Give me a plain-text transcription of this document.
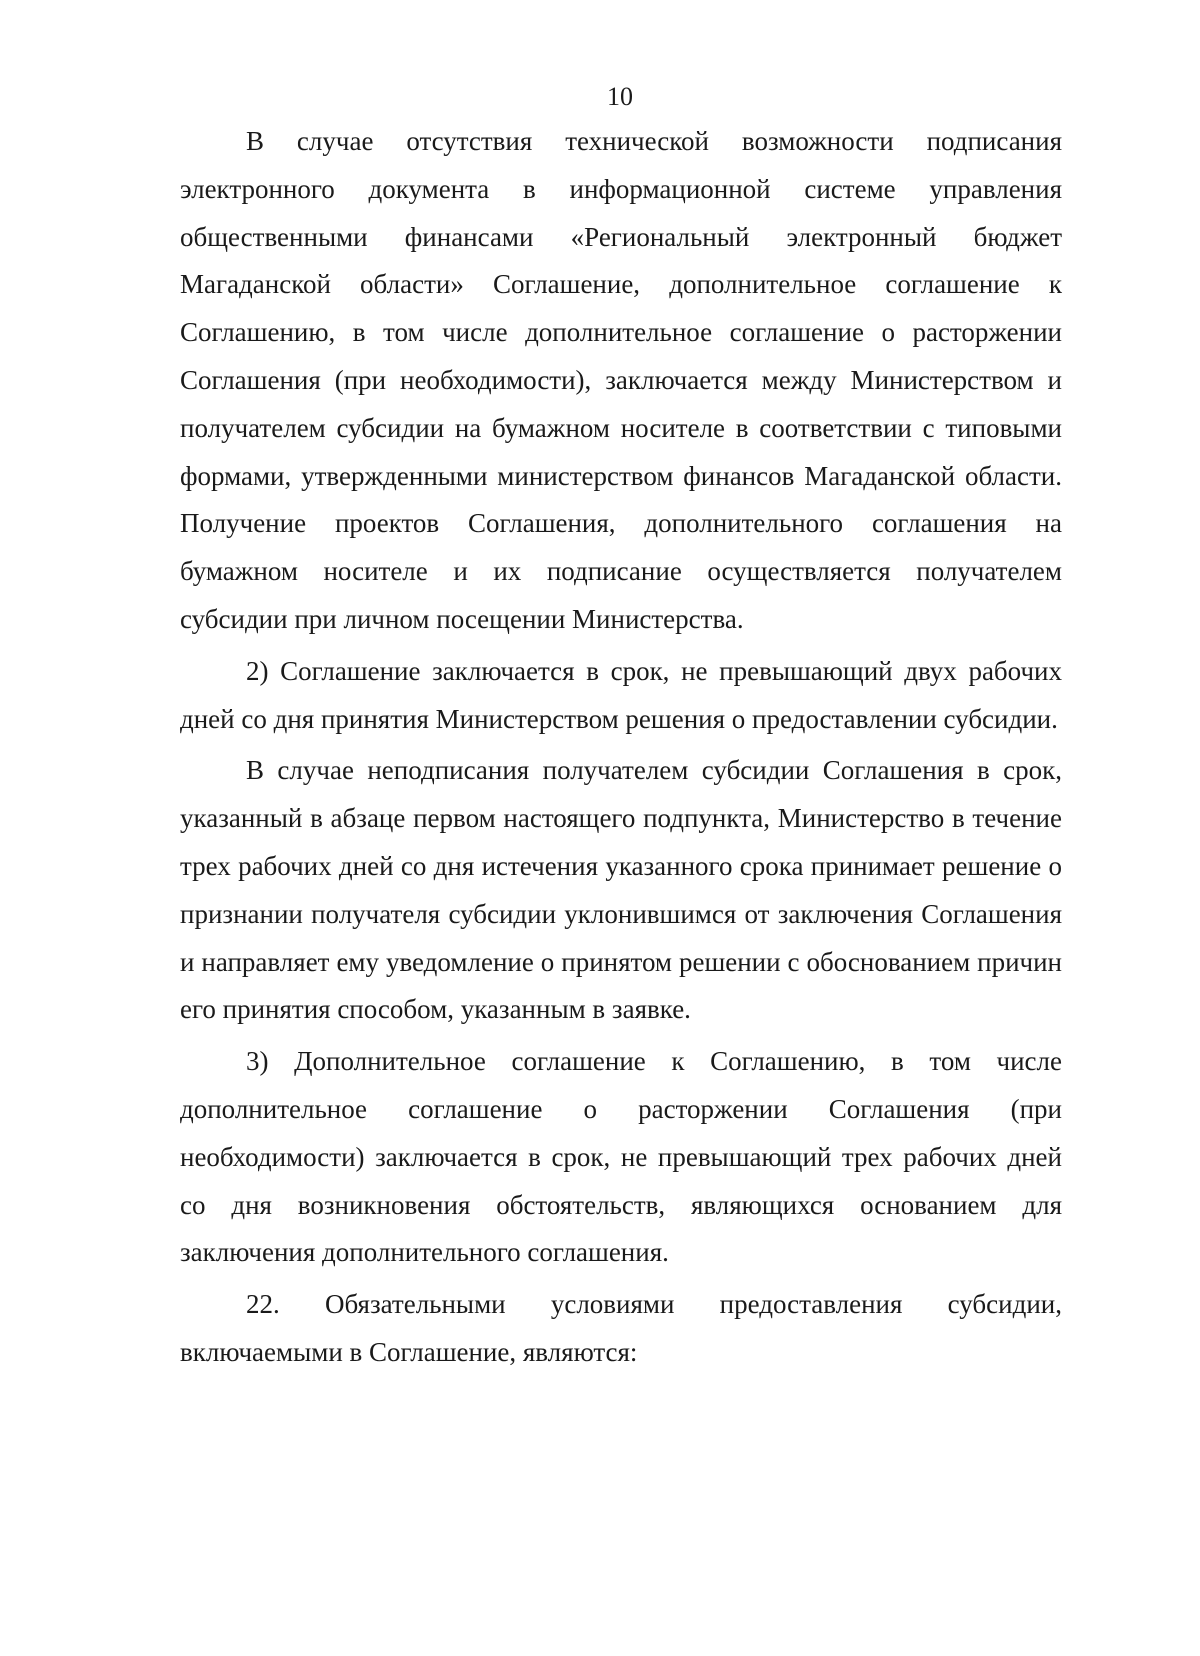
10

В случае отсутствия технической возможности подписания электронного документа в информационной системе управления общественными финансами «Региональный электронный бюджет Магаданской области» Соглашение, дополнительное соглашение к Соглашению, в том числе дополнительное соглашение о расторжении Соглашения (при необходимости), заключается между Министерством и получателем субсидии на бумажном носителе в соответствии с типовыми формами, утвержденными министерством финансов Магаданской области. Получение проектов Соглашения, дополнительного соглашения на бумажном носителе и их подписание осуществляется получателем субсидии при личном посещении Министерства.

2) Соглашение заключается в срок, не превышающий двух рабочих дней со дня принятия Министерством решения о предоставлении субсидии.

В случае неподписания получателем субсидии Соглашения в срок, указанный в абзаце первом настоящего подпункта, Министерство в течение трех рабочих дней со дня истечения указанного срока принимает решение о признании получателя субсидии уклонившимся от заключения Соглашения и направляет ему уведомление о принятом решении с обоснованием причин его принятия способом, указанным в заявке.

3) Дополнительное соглашение к Соглашению, в том числе дополнительное соглашение о расторжении Соглашения (при необходимости) заключается в срок, не превышающий трех рабочих дней со дня возникновения обстоятельств, являющихся основанием для заключения дополнительного соглашения.

22. Обязательными условиями предоставления субсидии, включаемыми в Соглашение, являются:
